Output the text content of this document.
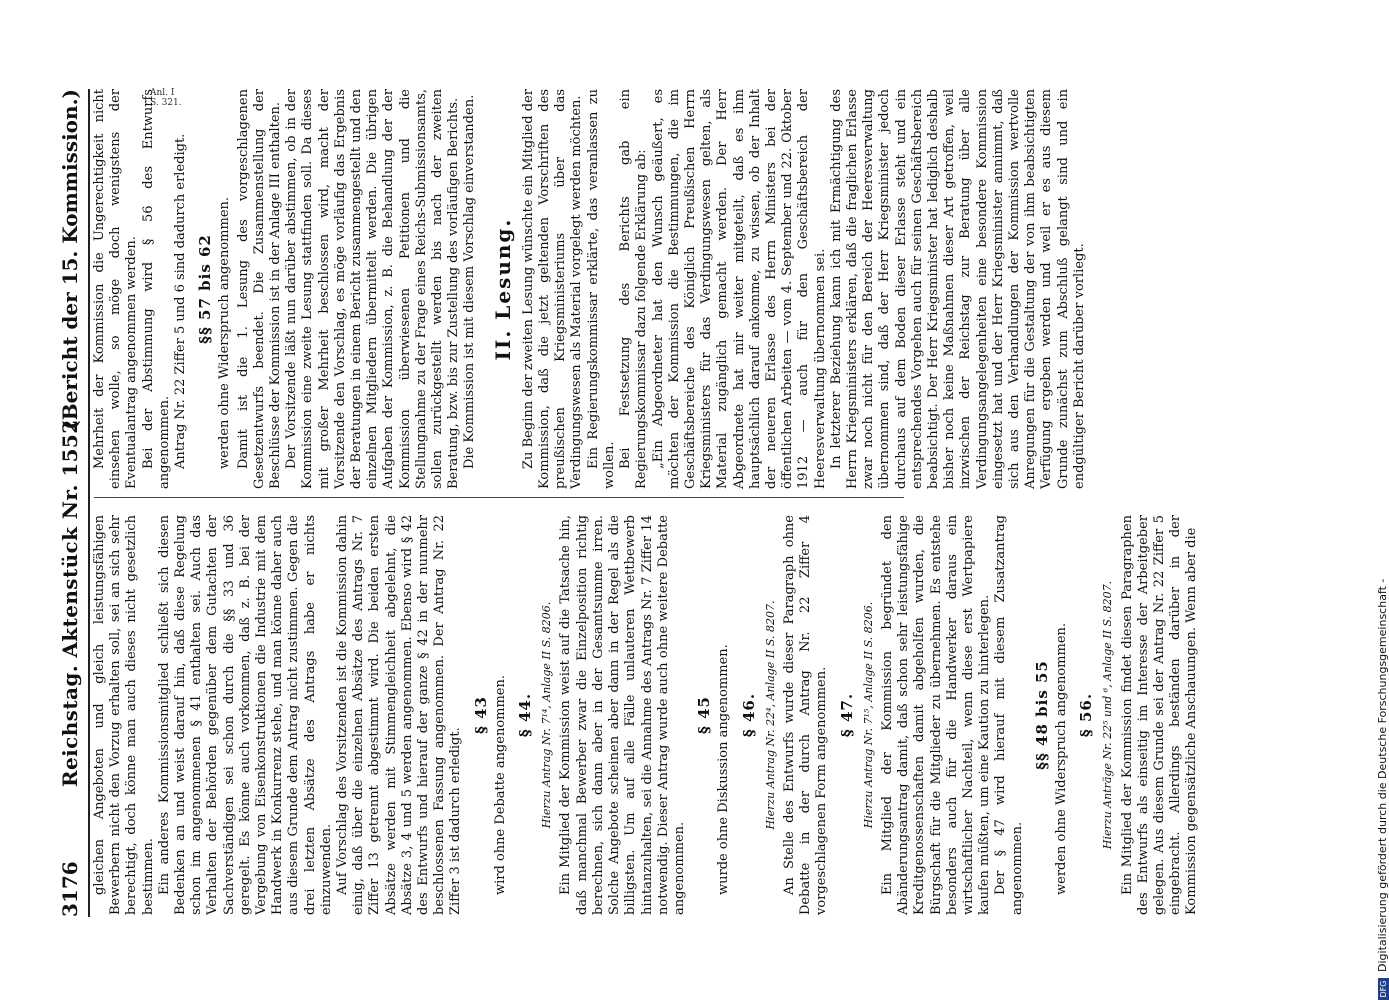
3176
Reichstag. Aktenstück Nr. 1552.
(Bericht der 15. Kommission.)	Anl. I S. 321.

gleichen Angeboten und gleich leistungsfähigen Bewerbern nicht den Vorzug erhalten soll, sei an sich sehr berechtigt, doch könne man auch dieses nicht gesetzlich bestimmen. Ein anderes Kommissionsmitglied schließt sich diesen Bedenken an und weist darauf hin, daß diese Regelung schon im angenommenen § 41 enthalten sei. Auch das Verhalten der Behörden gegenüber dem Gutachten der Sachverständigen sei schon durch die §§ 33 und 36 geregelt. Es könne auch vorkommen, daß z. B. bei der Vergebung von Eisenkonstruktionen die Industrie mit dem Handwerk in Konkurrenz stehe, und man könne daher auch aus diesem Grunde dem Antrag nicht zustimmen. Gegen die drei letzten Absätze des Antrags habe er nichts einzuwenden. Auf Vorschlag des Vorsitzenden ist die Kommission dahin einig, daß über die einzelnen Absätze des Antrags Nr. 7 Ziffer 13 getrennt abgestimmt wird. Die beiden ersten Absätze werden mit Stimmengleichheit abgelehnt, die Absätze 3, 4 und 5 werden angenommen. Ebenso wird § 42 des Entwurfs und hierauf der ganze § 42 in der nunmehr beschlossenen Fassung angenommen. Der Antrag Nr. 22 Ziffer 3 ist dadurch erledigt.

§ 43 wird ohne Debatte angenommen. § 44. Hierzu Antrag Nr. 7¹⁴, Anlage II S. 8206. Ein Mitglied der Kommission weist auf die Tatsache hin, daß manchmal Bewerber zwar die Einzelposition richtig berechnen, sich dann aber in der Gesamtsumme irren. Solche Angebote scheinen aber dann in der Regel als die billigsten. Um auf alle Fälle unlauteren Wettbewerb hintanzuhalten, sei die Annahme des Antrags Nr. 7 Ziffer 14 notwendig. Dieser Antrag wurde auch ohne weitere Debatte angenommen.

§ 45 wurde ohne Diskussion angenommen. § 46. Hierzu Antrag Nr. 22⁴, Anlage II S. 8207. An Stelle des Entwurfs wurde dieser Paragraph ohne Debatte in der durch Antrag Nr. 22 Ziffer 4 vorgeschlagenen Form angenommen. § 47. Hierzu Antrag Nr. 7¹⁵, Anlage II S. 8206. Ein Mitglied der Kommission begründet den Abänderungsantrag damit, daß schon sehr leistungsfähige Kreditgenossenschaften damit abgeholfen wurden, die Bürgschaft für die Mitglieder zu übernehmen. Es entstehe besonders auch für die Handwerker daraus ein wirtschaftlicher Nachteil, wenn diese erst Wertpapiere kaufen müßten, um eine Kaution zu hinterlegen. Der § 47 wird hierauf mit diesem Zusatzantrag angenommen.

§§ 48 bis 55 werden ohne Widerspruch angenommen. § 56. Hierzu Anträge Nr. 22⁵ und ⁶, Anlage II S. 8207. Ein Mitglied der Kommission findet diesen Paragraphen des Entwurfs als einseitig im Interesse der Arbeitgeber gelegen. Aus diesem Grunde sei der Antrag Nr. 22 Ziffer 5 eingebracht. Allerdings beständen darüber in der Kommission gegensätzliche Anschauungen. Wenn aber die

Mehrheit der Kommission die Ungerechtigkeit nicht einsehen wolle, so möge doch wenigstens der Eventualantrag angenommen werden. Bei der Abstimmung wird § 56 des Entwurfs angenommen. Antrag Nr. 22 Ziffer 5 und 6 sind dadurch erledigt. §§ 57 bis 62 werden ohne Widerspruch angenommen. Damit ist die 1. Lesung des vorgeschlagenen Gesetzentwurfs beendet. Die Zusammenstellung der Beschlüsse der Kommission ist in der Anlage III enthalten. Der Vorsitzende läßt nun darüber abstimmen, ob in der Kommission eine zweite Lesung stattfinden soll. Da dieses mit großer Mehrheit beschlossen wird, macht der Vorsitzende den Vorschlag, es möge vorläufig das Ergebnis der Beratungen in einem Bericht zusammengestellt und den einzelnen Mitgliedern übermittelt werden. Die übrigen Aufgaben der Kommission, z. B. die Behandlung der der Kommission überwiesenen Petitionen und die Stellungnahme zu der Frage eines Reichs-Submissionsamts, sollen zurückgestellt werden bis nach der zweiten Beratung, bzw. bis zur Zustellung des vorläufigen Berichts. Die Kommission ist mit diesem Vorschlag einverstanden. II. Lesung. Zu Beginn der zweiten Lesung wünschte ein Mitglied der Kommission, daß die jetzt geltenden Vorschriften des preußischen Kriegsministeriums über das Verdingungswesen als Material vorgelegt werden möchten. Ein Regierungskommissar erklärte, das veranlassen zu wollen. Bei Festsetzung des Berichts gab ein Regierungskommissar dazu folgende Erklärung ab: „Ein Abgeordneter hat den Wunsch geäußert, es möchten der Kommission die Bestimmungen, die im Geschäftsbereiche des Königlich Preußischen Herrn Kriegsministers für das Verdingungswesen gelten, als Material zugänglich gemacht werden. Der Herr Abgeordnete hat mir weiter mitgeteilt, daß es ihm hauptsächlich darauf ankomme, zu wissen, ob der Inhalt der neueren Erlasse des Herrn Ministers bei der öffentlichen Arbeiten — vom 4. September und 22. Oktober 1912 — auch für den Geschäftsbereich der Heeresverwaltung übernommen sei. In letzterer Beziehung kann ich mit Ermächtigung des Herrn Kriegsministers erklären, daß die fraglichen Erlasse zwar noch nicht für den Bereich der Heeresverwaltung übernommen sind, daß der Herr Kriegsminister jedoch durchaus auf dem Boden dieser Erlasse steht und ein entsprechendes Vorgehen auch für seinen Geschäftsbereich beabsichtigt. Der Herr Kriegsminister hat lediglich deshalb bisher noch keine Maßnahmen dieser Art getroffen, weil inzwischen der Reichstag zur Beratung über alle Verdingungsangelegenheiten eine besondere Kommission eingesetzt hat und der Herr Kriegsminister annimmt, daß sich aus den Verhandlungen der Kommission wertvolle Anregungen für die Gestaltung der von ihm beabsichtigten Verfügung ergeben werden und weil er es aus diesem Grunde zunächst zum Abschluß gelangt sind und ein endgültiger Bericht darüber vorliegt.

DFGDigitalisierung gefördert durch die Deutsche Forschungsgemeinschaft -
